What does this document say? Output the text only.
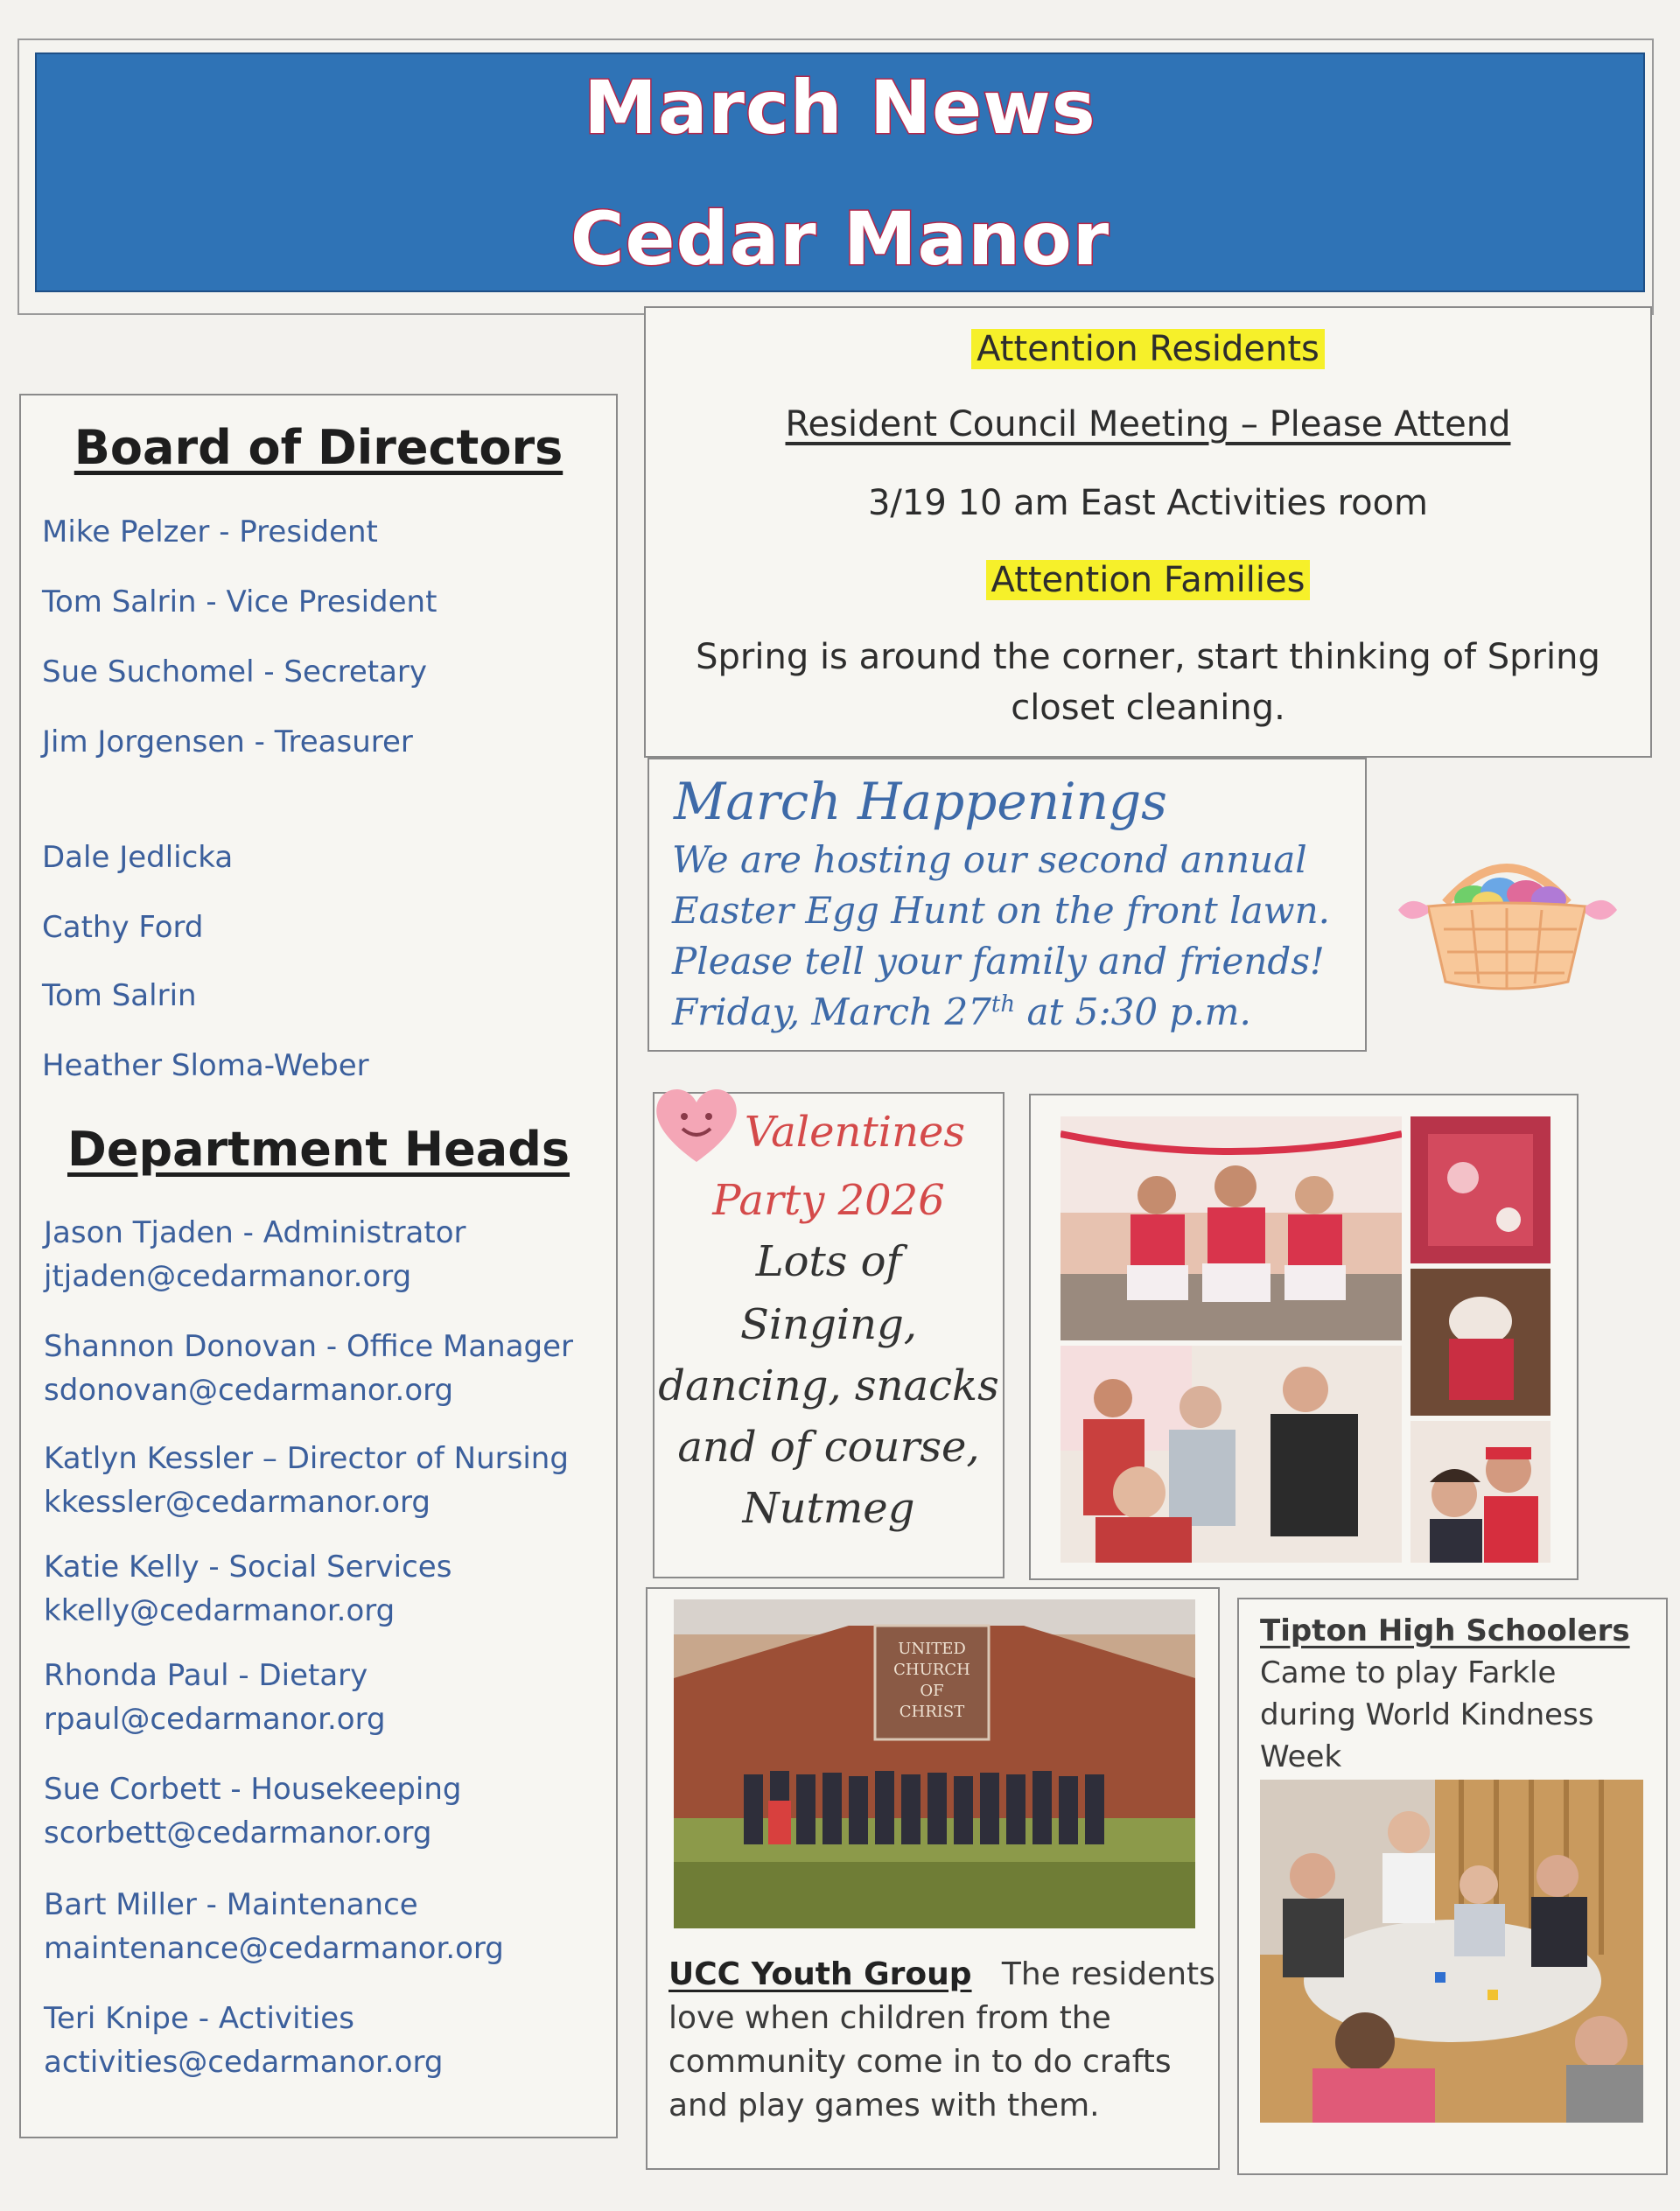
March News
Cedar Manor
Board of Directors
Mike Pelzer - President
Tom Salrin - Vice President
Sue Suchomel - Secretary
Jim Jorgensen - Treasurer
Dale Jedlicka
Cathy Ford
Tom Salrin
Heather Sloma-Weber
Department Heads
Jason Tjaden - Administrator
jtjaden@cedarmanor.org
Shannon Donovan - Office Manager
sdonovan@cedarmanor.org
Katlyn Kessler – Director of Nursing
kkessler@cedarmanor.org
Katie Kelly - Social Services
kkelly@cedarmanor.org
Rhonda Paul - Dietary
rpaul@cedarmanor.org
Sue Corbett - Housekeeping
scorbett@cedarmanor.org
Bart Miller - Maintenance
maintenance@cedarmanor.org
Teri Knipe - Activities
activities@cedarmanor.org
Attention Residents
Resident Council Meeting – Please Attend
3/19 10 am East Activities room
Attention Families
Spring is around the corner, start thinking of Spring
closet cleaning.
March Happenings
We are hosting our second annual
Easter Egg Hunt on the front lawn.
Please tell your family and friends!
Friday, March 27th at 5:30 p.m.
Valentines
Party 2026
Lots of
Singing,
dancing, snacks
and of course,
Nutmeg
UNITED
CHURCH
OF
CHRIST
UCC Youth Group The residents
love when children from the
community come in to do crafts
and play games with them.
Tipton High Schoolers
Came to play Farkle
during World Kindness
Week
